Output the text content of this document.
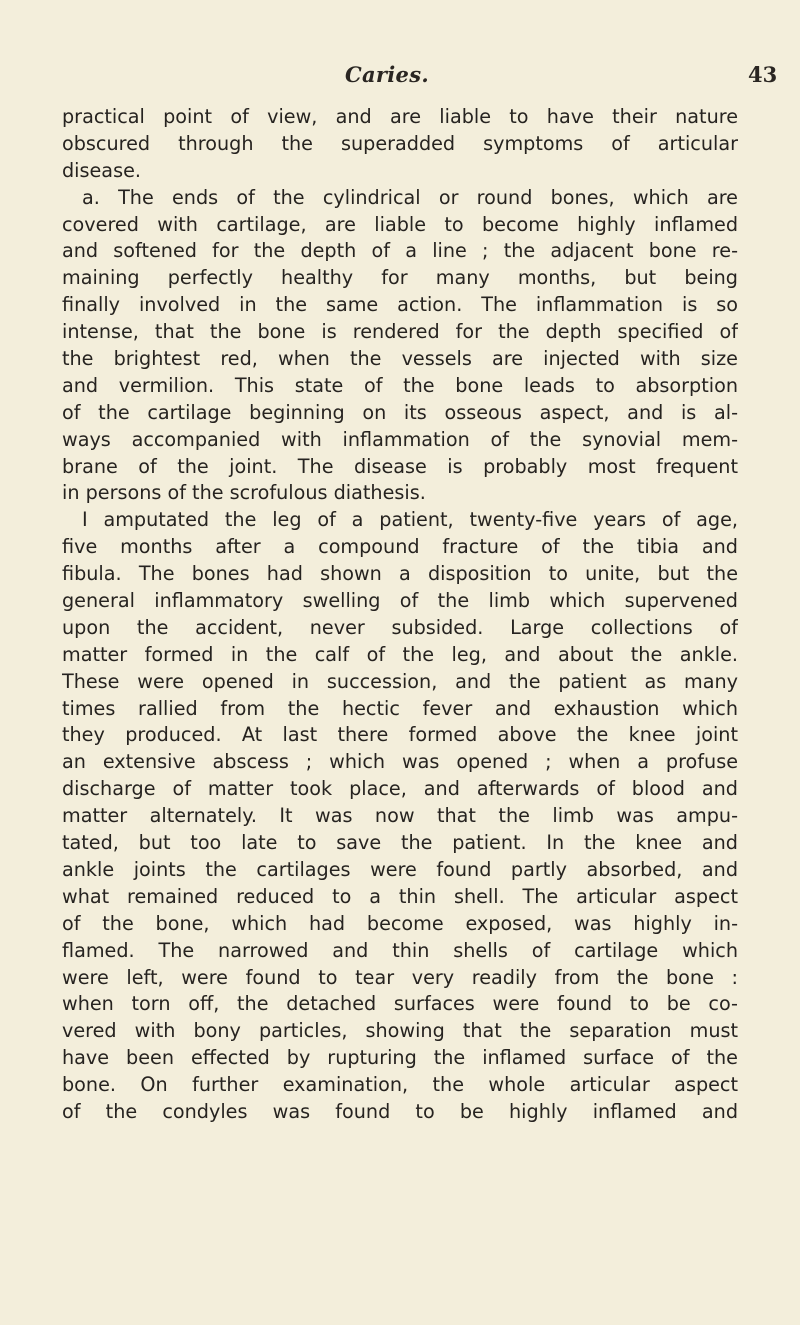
Caries.	43
practical point of view, and are liable to have their nature
obscured through the superadded symptoms of articular
disease.
a. The ends of the cylindrical or round bones, which are
covered with cartilage, are liable to become highly inflamed
and softened for the depth of a line ; the adjacent bone re-
maining perfectly healthy for many months, but being
finally involved in the same action. The inflammation is so
intense, that the bone is rendered for the depth specified of
the brightest red, when the vessels are injected with size
and vermilion. This state of the bone leads to absorption
of the cartilage beginning on its osseous aspect, and is al-
ways accompanied with inflammation of the synovial mem-
brane of the joint. The disease is probably most frequent
in persons of the scrofulous diathesis.
I amputated the leg of a patient, twenty-five years of age,
five months after a compound fracture of the tibia and
fibula. The bones had shown a disposition to unite, but the
general inflammatory swelling of the limb which supervened
upon the accident, never subsided. Large collections of
matter formed in the calf of the leg, and about the ankle.
These were opened in succession, and the patient as many
times rallied from the hectic fever and exhaustion which
they produced. At last there formed above the knee joint
an extensive abscess ; which was opened ; when a profuse
discharge of matter took place, and afterwards of blood and
matter alternately. It was now that the limb was ampu-
tated, but too late to save the patient. In the knee and
ankle joints the cartilages were found partly absorbed, and
what remained reduced to a thin shell. The articular aspect
of the bone, which had become exposed, was highly in-
flamed. The narrowed and thin shells of cartilage which
were left, were found to tear very readily from the bone :
when torn off, the detached surfaces were found to be co-
vered with bony particles, showing that the separation must
have been effected by rupturing the inflamed surface of the
bone. On further examination, the whole articular aspect
of the condyles was found to be highly inflamed and
